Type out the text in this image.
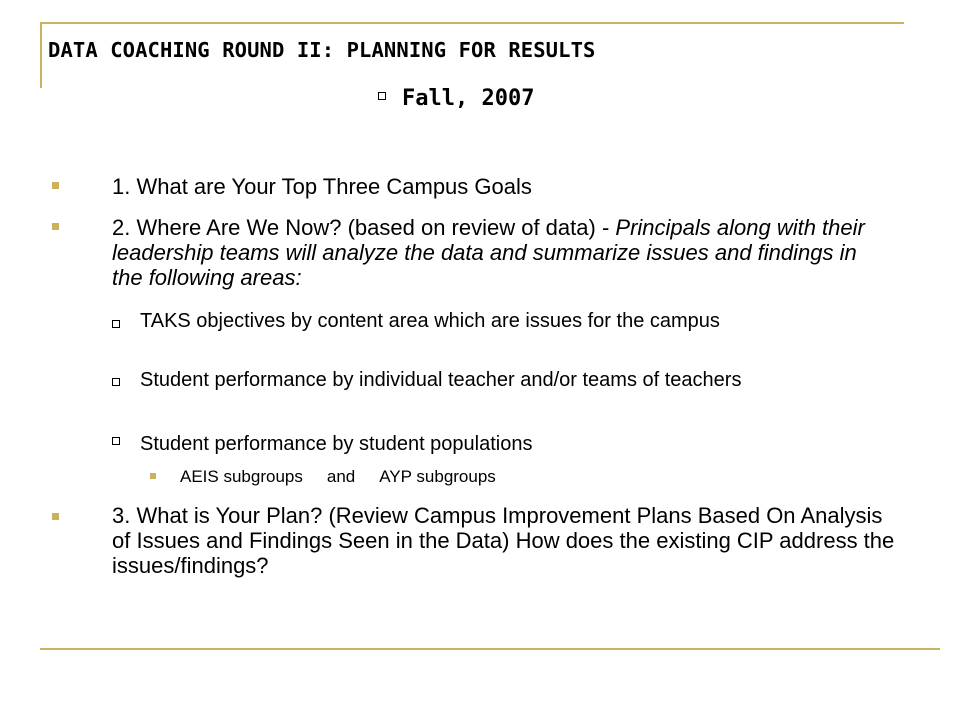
DATA COACHING ROUND II: PLANNING FOR RESULTS
Fall, 2007
1. What are Your Top Three Campus Goals
2. Where Are We Now? (based on review of data) - Principals along with their leadership teams will analyze the data and summarize issues and findings in the following areas:
TAKS objectives by content area which are issues for the campus
Student performance by individual teacher and/or teams of teachers
Student performance by student populations
AEIS subgroups and AYP subgroups
3. What is Your Plan? (Review Campus Improvement Plans Based On Analysis of Issues and Findings Seen in the Data) How does the existing CIP address the issues/findings?
